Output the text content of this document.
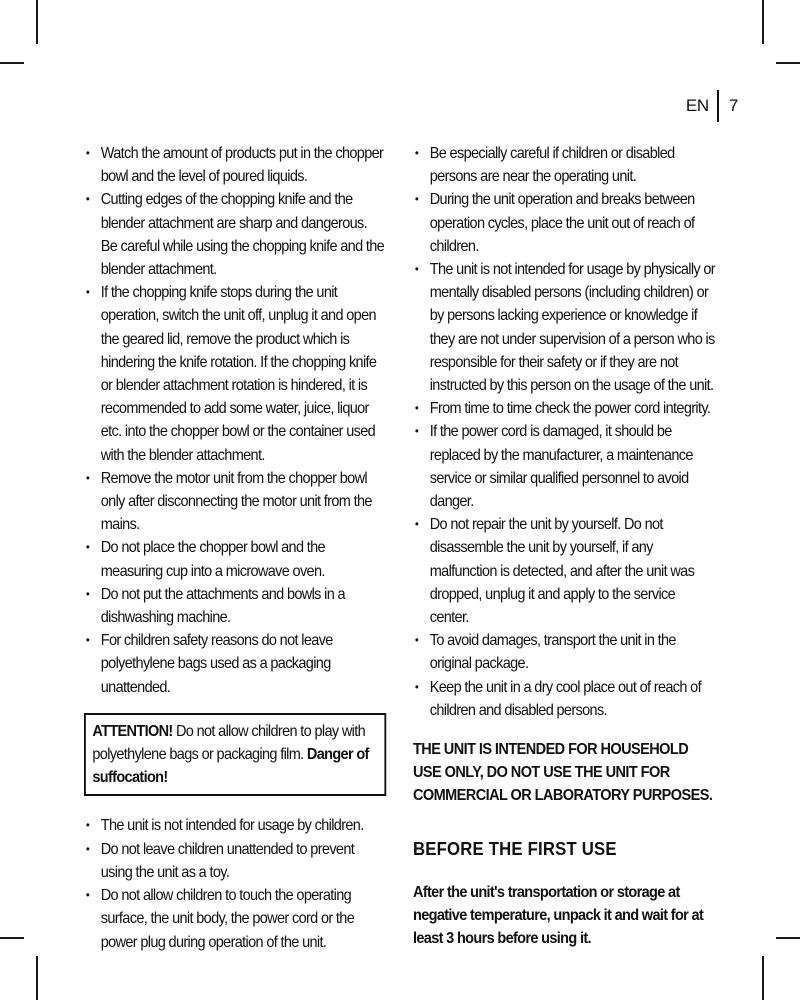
EN 7
• Watch the amount of products put in the chopper bowl and the level of poured liquids.
• Cutting edges of the chopping knife and the blender attachment are sharp and dangerous. Be careful while using the chopping knife and the blender attachment.
• If the chopping knife stops during the unit operation, switch the unit off, unplug it and open the geared lid, remove the product which is hindering the knife rotation. If the chopping knife or blender attachment rotation is hindered, it is recommended to add some water, juice, liquor etc. into the chopper bowl or the container used with the blender attachment.
• Remove the motor unit from the chopper bowl only after disconnecting the motor unit from the mains.
• Do not place the chopper bowl and the measuring cup into a microwave oven.
• Do not put the attachments and bowls in a dishwashing machine.
• For children safety reasons do not leave polyethylene bags used as a packaging unattended.
ATTENTION! Do not allow children to play with polyethylene bags or packaging film. Danger of suffocation!
• The unit is not intended for usage by children.
• Do not leave children unattended to prevent using the unit as a toy.
• Do not allow children to touch the operating surface, the unit body, the power cord or the power plug during operation of the unit.
• Be especially careful if children or disabled persons are near the operating unit.
• During the unit operation and breaks between operation cycles, place the unit out of reach of children.
• The unit is not intended for usage by physically or mentally disabled persons (including children) or by persons lacking experience or knowledge if they are not under supervision of a person who is responsible for their safety or if they are not instructed by this person on the usage of the unit.
• From time to time check the power cord integrity.
• If the power cord is damaged, it should be replaced by the manufacturer, a maintenance service or similar qualified personnel to avoid danger.
• Do not repair the unit by yourself. Do not disassemble the unit by yourself, if any malfunction is detected, and after the unit was dropped, unplug it and apply to the service center.
• To avoid damages, transport the unit in the original package.
• Keep the unit in a dry cool place out of reach of children and disabled persons.
THE UNIT IS INTENDED FOR HOUSEHOLD USE ONLY, DO NOT USE THE UNIT FOR COMMERCIAL OR LABORATORY PURPOSES.
BEFORE THE FIRST USE
After the unit's transportation or storage at negative temperature, unpack it and wait for at least 3 hours before using it.
